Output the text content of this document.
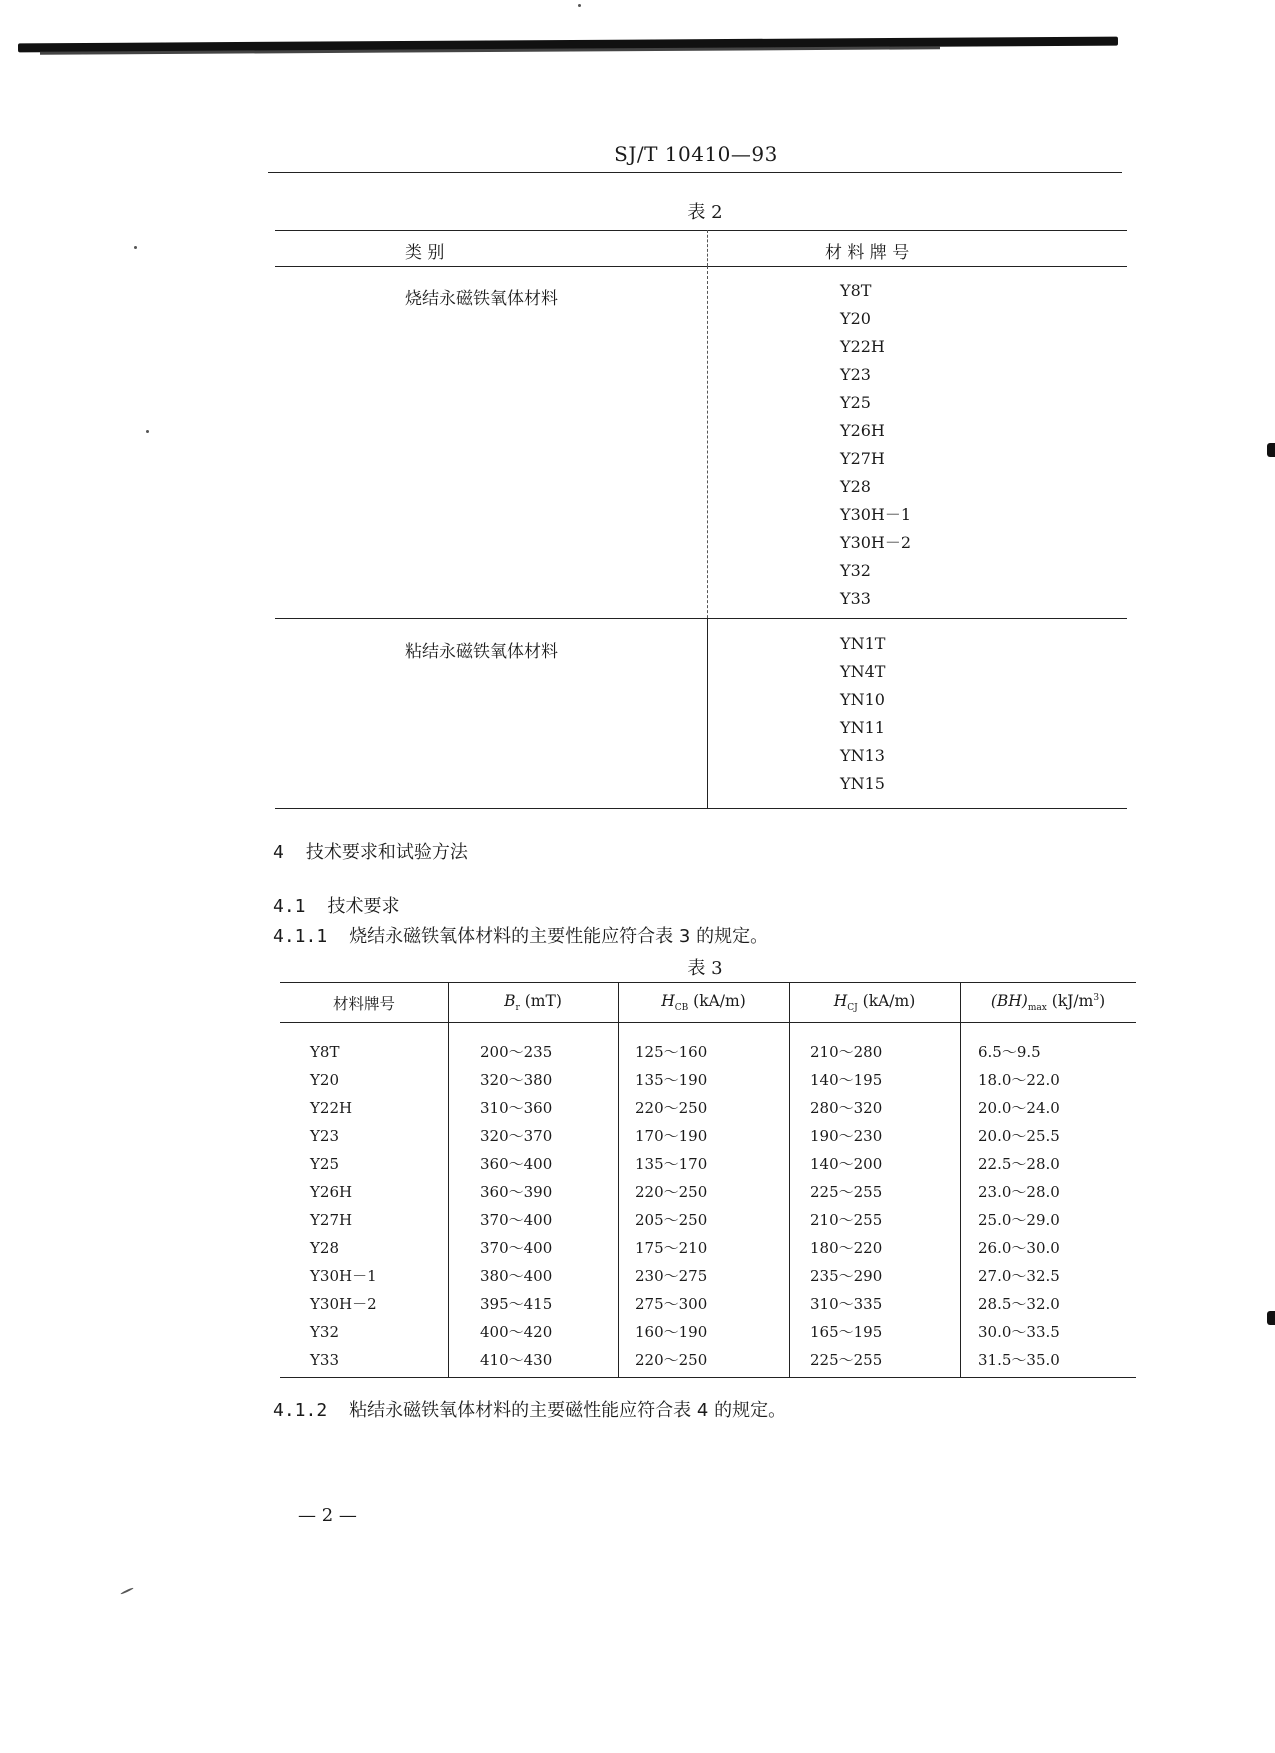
SJ/T 10410—93
表 2
类 别	材 料 牌 号
烧结永磁铁氧体材料	Y8T
Y20
Y22H
Y23
Y25
Y26H
Y27H
Y28
Y30H－1
Y30H－2
Y32
Y33
粘结永磁铁氧体材料	YN1T
YN4T
YN10
YN11
YN13
YN15
4 技术要求和试验方法
4.1 技术要求
4.1.1 烧结永磁铁氧体材料的主要性能应符合表 3 的规定。
表 3
材料牌号	$B_r$ (mT)	$H_{CB}$ (kA/m)	$H_{CJ}$ (kA/m)	$(BH)_{max}$ $(kJ/m^3)$
Y8T	200～235	125～160	210～280	6.5～9.5
Y20	320～380	135～190	140～195	18.0～22.0
Y22H	310～360	220～250	280～320	20.0～24.0
Y23	320～370	170～190	190～230	20.0～25.5
Y25	360～400	135～170	140～200	22.5～28.0
Y26H	360～390	220～250	225～255	23.0～28.0
Y27H	370～400	205～250	210～255	25.0～29.0
Y28	370～400	175～210	180～220	26.0～30.0
Y30H－1	380～400	230～275	235～290	27.0～32.5
Y30H－2	395～415	275～300	310～335	28.5～32.0
Y32	400～420	160～190	165～195	30.0～33.5
Y33	410～430	220～250	225～255	31.5～35.0
4.1.2 粘结永磁铁氧体材料的主要磁性能应符合表 4 的规定。
— 2 —
